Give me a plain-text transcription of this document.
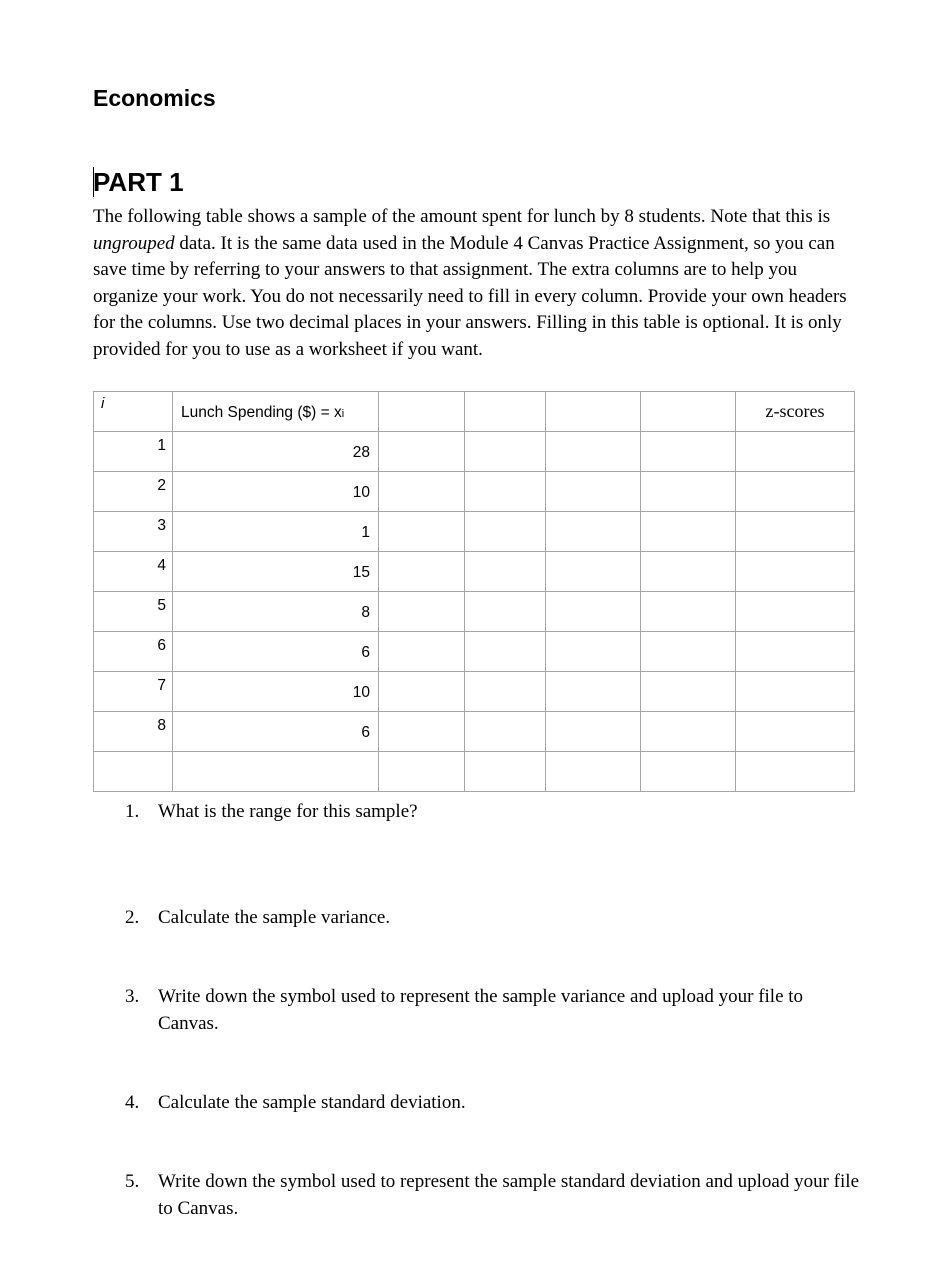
Economics
PART 1
The following table shows a sample of the amount spent for lunch by 8 students. Note that this is ungrouped data. It is the same data used in the Module 4 Canvas Practice Assignment, so you can save time by referring to your answers to that assignment. The extra columns are to help you organize your work. You do not necessarily need to fill in every column. Provide your own headers for the columns. Use two decimal places in your answers. Filling in this table is optional. It is only provided for you to use as a worksheet if you want.
i	Lunch Spending ($) = xi					z-scores

1	28					

2	10					

3	1					

4	15					

5	8					

6	6					

7	10					

8	6					

1. What is the range for this sample?
2. Calculate the sample variance.
3. Write down the symbol used to represent the sample variance and upload your file to Canvas.
4. Calculate the sample standard deviation.
5. Write down the symbol used to represent the sample standard deviation and upload your file to Canvas.
